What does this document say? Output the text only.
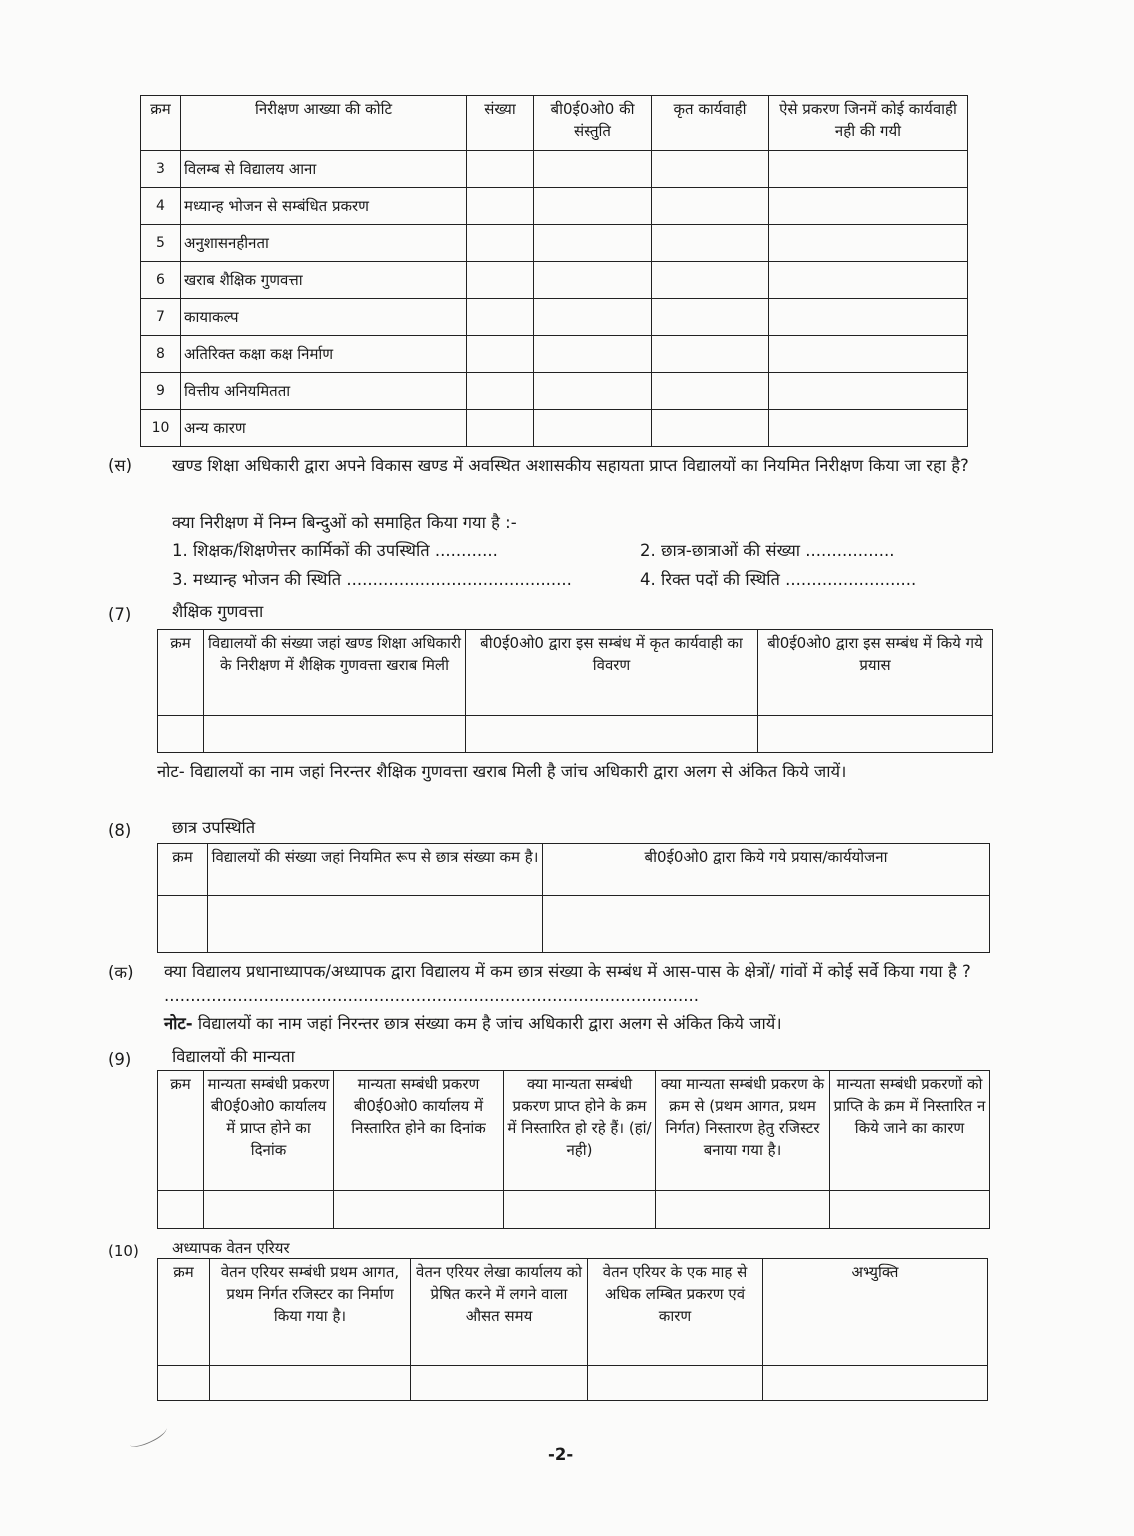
क्रम	निरीक्षण आख्या की कोटि	संख्या	बी0ई0ओ0 की संस्तुति	कृत कार्यवाही	ऐसे प्रकरण जिनमें कोई कार्यवाही नही की गयी
3	विलम्ब से विद्यालय आना				
4	मध्यान्ह भोजन से सम्बंधित प्रकरण				
5	अनुशासनहीनता				
6	खराब शैक्षिक गुणवत्ता				
7	कायाकल्प				
8	अतिरिक्त कक्षा कक्ष निर्माण				
9	वित्तीय अनियमितता				
10	अन्य कारण				
(स) खण्ड शिक्षा अधिकारी द्वारा अपने विकास खण्ड में अवस्थित अशासकीय सहायता प्राप्त विद्यालयों का नियमित निरीक्षण किया जा रहा है?
क्या निरीक्षण में निम्न बिन्दुओं को समाहित किया गया है :-
1. शिक्षक/शिक्षणेत्तर कार्मिकों की उपस्थिति ............	2. छात्र-छात्राओं की संख्या .................
3. मध्यान्ह भोजन की स्थिति ...........................................	4. रिक्त पदों की स्थिति .........................
(7) शैक्षिक गुणवत्ता
क्रम	विद्यालयों की संख्या जहां खण्ड शिक्षा अधिकारी के निरीक्षण में शैक्षिक गुणवत्ता खराब मिली	बी0ई0ओ0 द्वारा इस सम्बंध में कृत कार्यवाही का विवरण	बी0ई0ओ0 द्वारा इस सम्बंध में किये गये प्रयास

नोट- विद्यालयों का नाम जहां निरन्तर शैक्षिक गुणवत्ता खराब मिली है जांच अधिकारी द्वारा अलग से अंकित किये जायें।
(8) छात्र उपस्थिति
क्रम	विद्यालयों की संख्या जहां नियमित रूप से छात्र संख्या कम है।	बी0ई0ओ0 द्वारा किये गये प्रयास/कार्ययोजना

(क) क्या विद्यालय प्रधानाध्यापक/अध्यापक द्वारा विद्यालय में कम छात्र संख्या के सम्बंध में आस-पास के क्षेत्रों/ गांवों में कोई सर्वे किया गया है ? ......................................................................................................
नोट- विद्यालयों का नाम जहां निरन्तर छात्र संख्या कम है जांच अधिकारी द्वारा अलग से अंकित किये जायें।
(9) विद्यालयों की मान्यता
क्रम	मान्यता सम्बंधी प्रकरण बी0ई0ओ0 कार्यालय में प्राप्त होने का दिनांक	मान्यता सम्बंधी प्रकरण बी0ई0ओ0 कार्यालय में निस्तारित होने का दिनांक	क्या मान्यता सम्बंधी प्रकरण प्राप्त होने के क्रम में निस्तारित हो रहे हैं। (हां/नही)	क्या मान्यता सम्बंधी प्रकरण के क्रम से (प्रथम आगत, प्रथम निर्गत) निस्तारण हेतु रजिस्टर बनाया गया है।	मान्यता सम्बंधी प्रकरणों को प्राप्ति के क्रम में निस्तारित न किये जाने का कारण

(10) अध्यापक वेतन एरियर
क्रम	वेतन एरियर सम्बंधी प्रथम आगत, प्रथम निर्गत रजिस्टर का निर्माण किया गया है।	वेतन एरियर लेखा कार्यालय को प्रेषित करने में लगने वाला औसत समय	वेतन एरियर के एक माह से अधिक लम्बित प्रकरण एवं कारण	अभ्युक्ति

-2-
